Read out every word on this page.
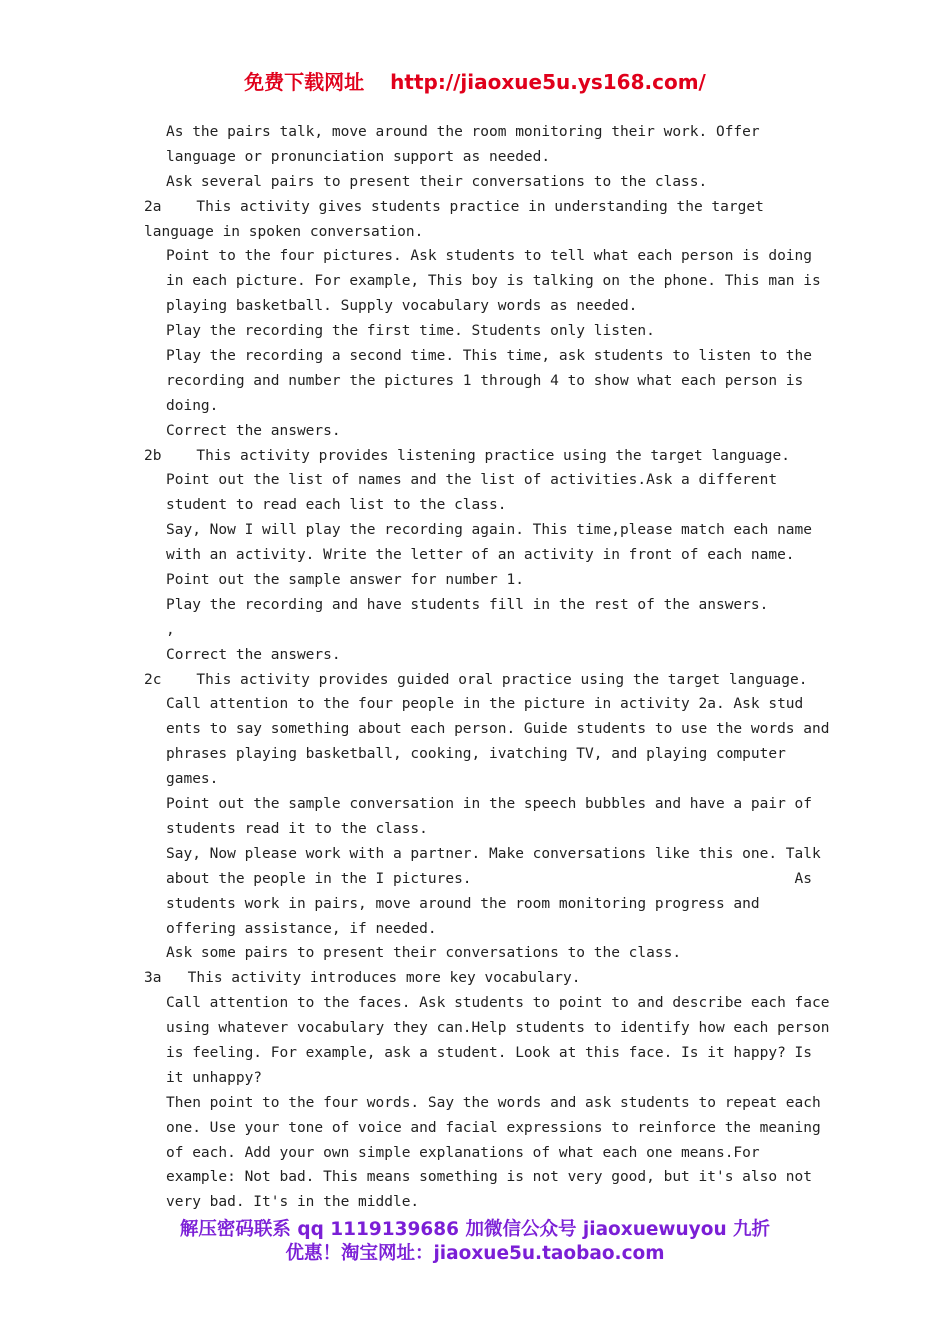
免费下载网址 http://jiaoxue5u.ys168.com/
As the pairs talk, move around the room monitoring their work. Offer
language or pronunciation support as needed.
Ask several pairs to present their conversations to the class.
2a    This activity gives students practice in understanding the target
language in spoken conversation.
Point to the four pictures. Ask students to tell what each person is doing
in each picture. For example, This boy is talking on the phone. This man is
playing basketball. Supply vocabulary words as needed.
Play the recording the first time. Students only listen.
Play the recording a second time. This time, ask students to listen to the
recording and number the pictures 1 through 4 to show what each person is
doing.
Correct the answers.
2b    This activity provides listening practice using the target language.
Point out the list of names and the list of activities.Ask a different
student to read each list to the class.
Say, Now I will play the recording again. This time,please match each name
with an activity. Write the letter of an activity in front of each name.
Point out the sample answer for number 1.
Play the recording and have students fill in the rest of the answers.
,
Correct the answers.
2c    This activity provides guided oral practice using the target language.
Call attention to the four people in the picture in activity 2a. Ask stud
ents to say something about each person. Guide students to use the words and
phrases playing basketball, cooking, ivatching TV, and playing computer
games.
Point out the sample conversation in the speech bubbles and have a pair of
students read it to the class.
Say, Now please work with a partner. Make conversations like this one. Talk
about the people in the I pictures.                                     As
students work in pairs, move around the room monitoring progress and
offering assistance, if needed.
Ask some pairs to present their conversations to the class.
3a   This activity introduces more key vocabulary.
Call attention to the faces. Ask students to point to and describe each face
using whatever vocabulary they can.Help students to identify how each person
is feeling. For example, ask a student. Look at this face. Is it happy? Is
it unhappy?
Then point to the four words. Say the words and ask students to repeat each
one. Use your tone of voice and facial expressions to reinforce the meaning
of each. Add your own simple explanations of what each one means.For
example: Not bad. This means something is not very good, but it's also not
very bad. It's in the middle.
解压密码联系 qq 1119139686 加微信公众号 jiaoxuewuyou 九折
优惠！淘宝网址：jiaoxue5u.taobao.com
